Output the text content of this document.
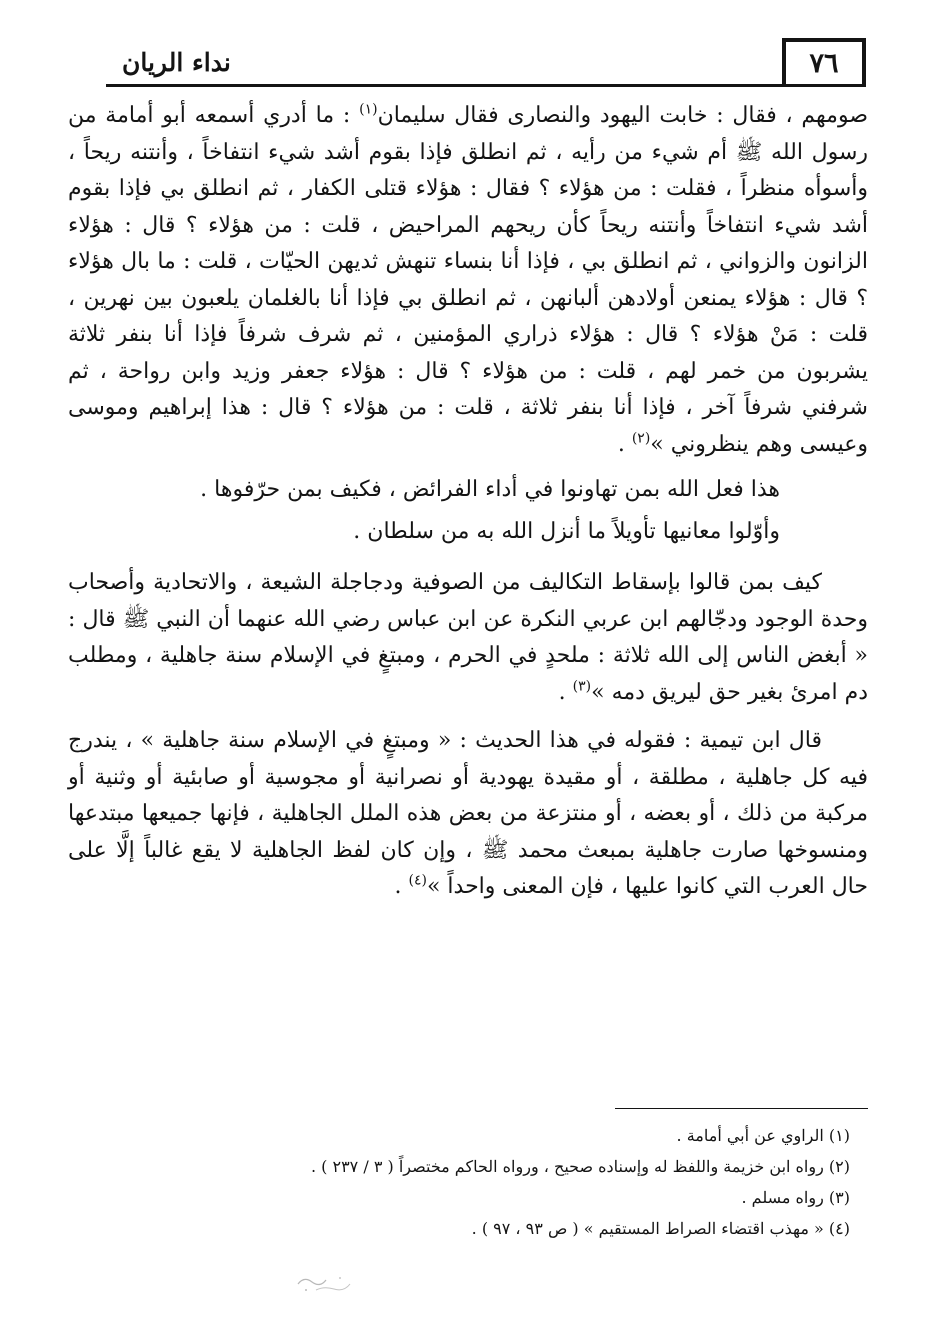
٧٦
نداء الريان

صومهم ، فقال : خابت اليهود والنصارى فقال سليمان$^{(١)}$ : ما أدري أسمعه أبو أمامة من رسول الله ﷺ أم شيء من رأيه ، ثم انطلق فإذا بقوم أشد شيء انتفاخاً ، وأنتنه ريحاً ، وأسوأه منظراً ، فقلت : من هؤلاء ؟ فقال : هؤلاء قتلى الكفار ، ثم انطلق بي فإذا بقوم أشد شيء انتفاخاً وأنتنه ريحاً كأن ريحهم المراحيض ، قلت : من هؤلاء ؟ قال : هؤلاء الزانون والزواني ، ثم انطلق بي ، فإذا أنا بنساء تنهش ثديهن الحيّات ، قلت : ما بال هؤلاء ؟ قال : هؤلاء يمنعن أولادهن ألبانهن ، ثم انطلق بي فإذا أنا بالغلمان يلعبون بين نهرين ، قلت : مَنْ هؤلاء ؟ قال : هؤلاء ذراري المؤمنين ، ثم شرف شرفاً فإذا أنا بنفر ثلاثة يشربون من خمر لهم ، قلت : من هؤلاء ؟ قال : هؤلاء جعفر وزيد وابن رواحة ، ثم شرفني شرفاً آخر ، فإذا أنا بنفر ثلاثة ، قلت : من هؤلاء ؟ قال : هذا إبراهيم وموسى وعيسى وهم ينظروني »$^{(٢)}$ .

هذا فعل الله بمن تهاونوا في أداء الفرائض ، فكيف بمن حرّفوها .

وأوّلوا معانيها تأويلاً ما أنزل الله به من سلطان .

كيف بمن قالوا بإسقاط التكاليف من الصوفية ودجاجلة الشيعة ، والاتحادية وأصحاب وحدة الوجود ودجّالهم ابن عربي النكرة عن ابن عباس رضي الله عنهما أن النبي ﷺ قال : « أبغض الناس إلى الله ثلاثة : ملحدٍ في الحرم ، ومبتغٍ في الإسلام سنة جاهلية ، ومطلب دم امرئ بغير حق ليريق دمه »$^{(٣)}$ .

قال ابن تيمية : فقوله في هذا الحديث : « ومبتغٍ في الإسلام سنة جاهلية » ، يندرج فيه كل جاهلية ، مطلقة ، أو مقيدة يهودية أو نصرانية أو مجوسية أو صابئية أو وثنية أو مركبة من ذلك ، أو بعضه ، أو منتزعة من بعض هذه الملل الجاهلية ، فإنها جميعها مبتدعها ومنسوخها صارت جاهلية بمبعث محمد ﷺ ، وإن كان لفظ الجاهلية لا يقع غالباً إلَّا على حال العرب التي كانوا عليها ، فإن المعنى واحداً »$^{(٤)}$ .

(١) الراوي عن أبي أمامة .
(٢) رواه ابن خزيمة واللفظ له وإسناده صحيح ، ورواه الحاكم مختصراً ( ٣ / ٢٣٧ ) .
(٣) رواه مسلم .
(٤) « مهذب اقتضاء الصراط المستقيم » ( ص ٩٣ ، ٩٧ ) .
